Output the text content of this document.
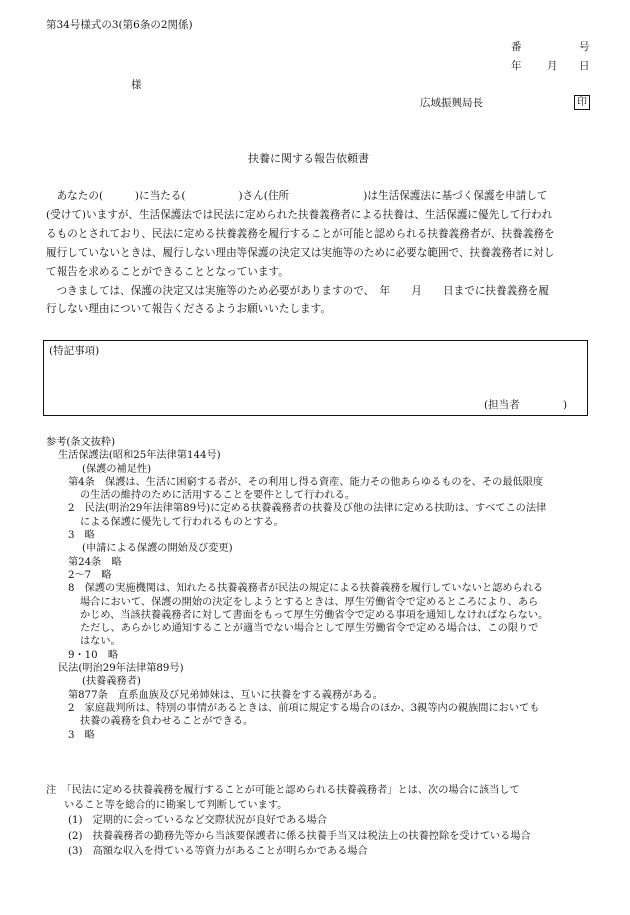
第34号様式の3(第6条の2関係)
番	号
年 月 日
様
広域振興局長	印
扶養に関する報告依頼書

　あなたの(　　　)に当たる(　　　　　)さん(住所　　　　　　　)は生活保護法に基づく保護を申請して

(受けて)いますが、生活保護法では民法に定められた扶養義務者による扶養は、生活保護に優先して行われ

るものとされており、民法に定める扶養義務を履行することが可能と認められる扶養義務者が、扶養義務を

履行していないときは、履行しない理由等保護の決定又は実施等のために必要な範囲で、扶養義務者に対し

て報告を求めることができることとなっています。

　つきましては、保護の決定又は実施等のため必要がありますので、　年　　月　　日までに扶養義務を履

行しない理由について報告くださるようお願いいたします。

(特記事項)
(担当者	)
参考(条文抜粋)
生活保護法(昭和25年法律第144号)
(保護の補足性)
第4条　保護は、生活に困窮する者が、その利用し得る資産、能力その他あらゆるものを、その最低限度
の生活の維持のために活用することを要件として行われる。
2　民法(明治29年法律第89号)に定める扶養義務者の扶養及び他の法律に定める扶助は、すべてこの法律
による保護に優先して行われるものとする。
3　略
(申請による保護の開始及び変更)
第24条　略
2～7　略
8　保護の実施機関は、知れたる扶養義務者が民法の規定による扶養義務を履行していないと認められる
場合において、保護の開始の決定をしようとするときは、厚生労働省令で定めるところにより、あら
かじめ、当該扶養義務者に対して書面をもって厚生労働省令で定める事項を通知しなければならない。
ただし、あらかじめ通知することが適当でない場合として厚生労働省令で定める場合は、この限りで
はない。
9・10　略
民法(明治29年法律第89号)
(扶養義務者)
第877条　直系血族及び兄弟姉妹は、互いに扶養をする義務がある。
2　家庭裁判所は、特別の事情があるときは、前項に規定する場合のほか、3親等内の親族間においても
扶養の義務を負わせることができる。
3　略
注　「民法に定める扶養義務を履行することが可能と認められる扶養義務者」とは、次の場合に該当して
いること等を総合的に勘案して判断しています。
(1)　定期的に会っているなど交際状況が良好である場合
(2)　扶養義務者の勤務先等から当該要保護者に係る扶養手当又は税法上の扶養控除を受けている場合
(3)　高額な収入を得ている等資力があることが明らかである場合
